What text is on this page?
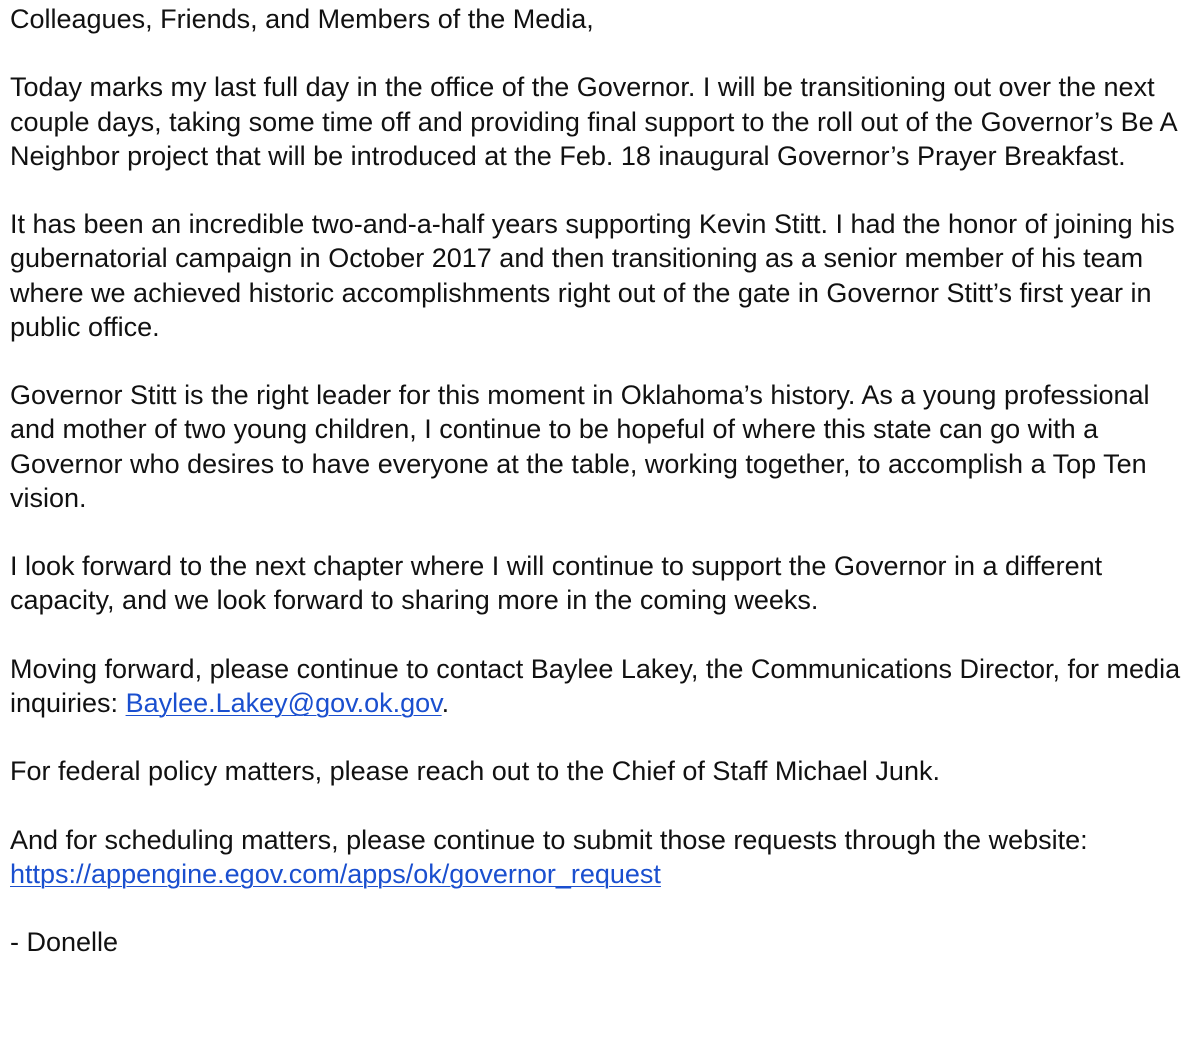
Colleagues, Friends, and Members of the Media,

Today marks my last full day in the office of the Governor. I will be transitioning out over the next couple days, taking some time off and providing final support to the roll out of the Governor’s Be A Neighbor project that will be introduced at the Feb. 18 inaugural Governor’s Prayer Breakfast.

It has been an incredible two-and-a-half years supporting Kevin Stitt. I had the honor of joining his gubernatorial campaign in October 2017 and then transitioning as a senior member of his team where we achieved historic accomplishments right out of the gate in Governor Stitt’s first year in public office.

Governor Stitt is the right leader for this moment in Oklahoma’s history. As a young professional and mother of two young children, I continue to be hopeful of where this state can go with a Governor who desires to have everyone at the table, working together, to accomplish a Top Ten vision.

I look forward to the next chapter where I will continue to support the Governor in a different capacity, and we look forward to sharing more in the coming weeks.

Moving forward, please continue to contact Baylee Lakey, the Communications Director, for media inquiries: Baylee.Lakey@gov.ok.gov.

For federal policy matters, please reach out to the Chief of Staff Michael Junk.

And for scheduling matters, please continue to submit those requests through the website: https://appengine.egov.com/apps/ok/governor_request

- Donelle
